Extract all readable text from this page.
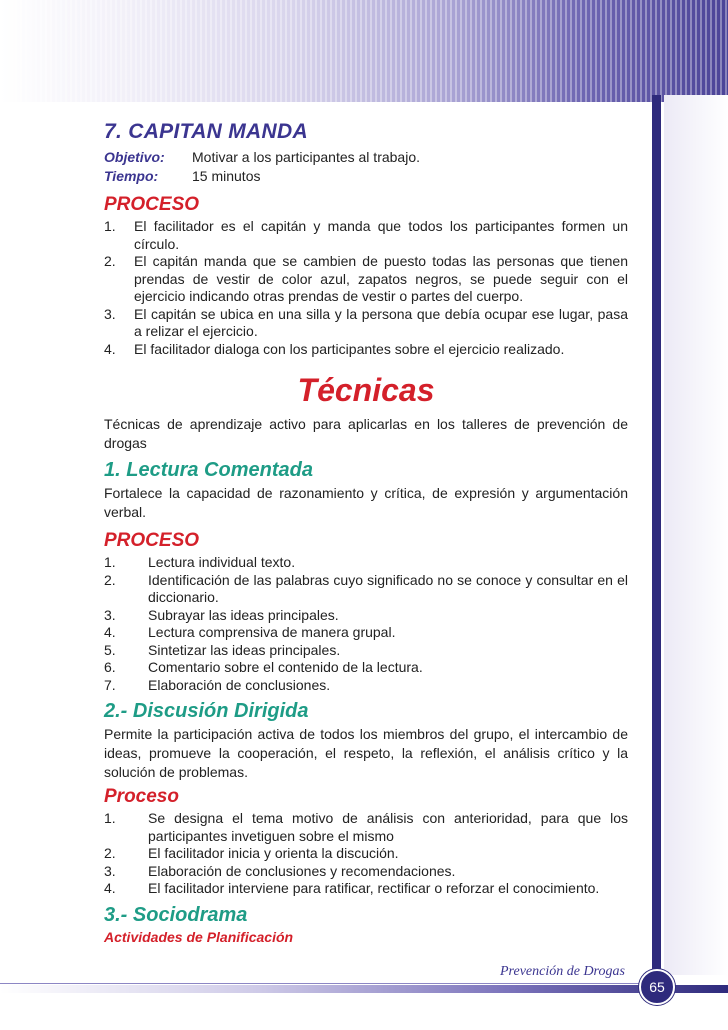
7. CAPITAN MANDA
Objetivo: Motivar a los participantes al trabajo.
Tiempo: 15 minutos
PROCESO
1.	El facilitador es el capitán y manda que todos los participantes formen un círculo.
2.	El capitán manda que se cambien de puesto todas las personas que tienen prendas de vestir de color azul, zapatos negros, se puede seguir con el ejercicio indicando otras prendas de vestir o partes del cuerpo.
3.	El capitán se ubica en una silla y la persona que debía ocupar ese lugar, pasa a relizar el ejercicio.
4.	El facilitador dialoga con los participantes sobre el ejercicio realizado.
Técnicas
Técnicas de aprendizaje activo para aplicarlas en los talleres de prevención de drogas
1. Lectura Comentada
Fortalece la capacidad de razonamiento y crítica, de expresión y argumentación verbal.
PROCESO
1.	Lectura individual texto.
2.	Identificación de las palabras cuyo significado no se conoce y consultar en el diccionario.
3.	Subrayar las ideas principales.
4.	Lectura comprensiva de manera grupal.
5.	Sintetizar las ideas principales.
6.	Comentario sobre el contenido de la lectura.
7.	Elaboración de conclusiones.
2.- Discusión Dirigida
Permite la participación activa de todos los miembros del grupo, el intercambio de ideas, promueve la cooperación, el respeto, la reflexión, el análisis crítico y la solución de problemas.
Proceso
1.	Se designa el tema motivo de análisis con anterioridad, para que los participantes invetiguen sobre el mismo
2.	El facilitador inicia y orienta la discución.
3.	Elaboración de conclusiones y recomendaciones.
4.	El facilitador interviene para ratificar, rectificar o reforzar el conocimiento.
3.- Sociodrama
Actividades de Planificación
Prevención de Drogas
65
